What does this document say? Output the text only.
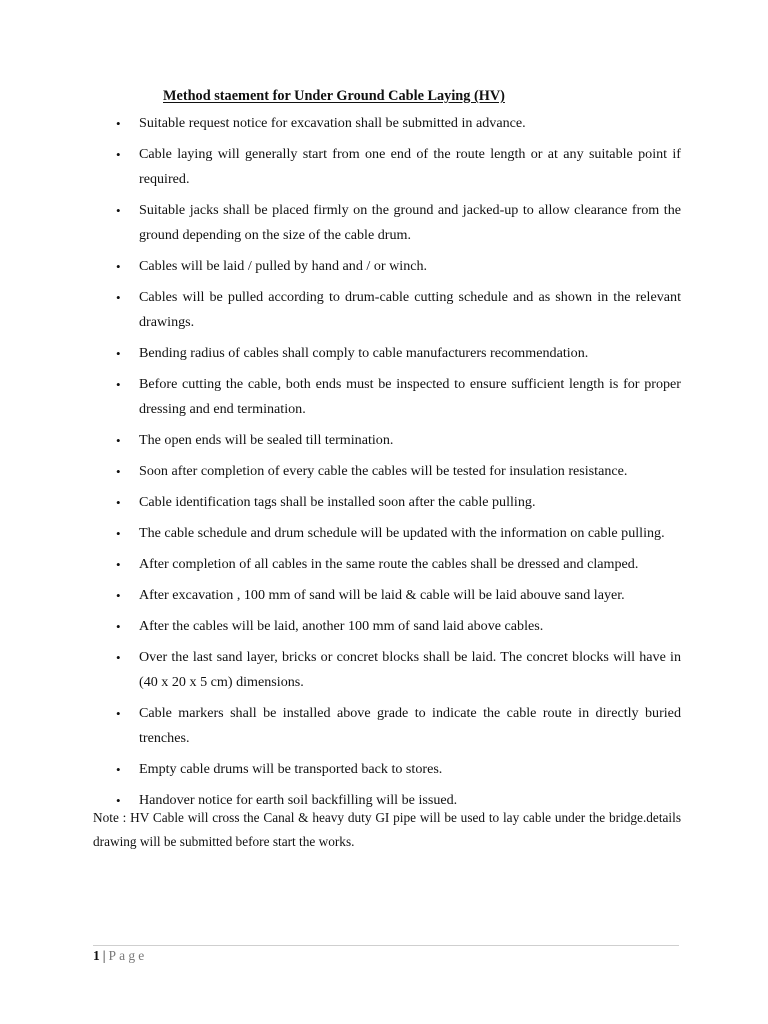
Method staement for Under Ground Cable Laying (HV)
• Suitable request notice for excavation shall be submitted in advance.
• Cable laying will generally start from one end of the route length or at any suitable point if required.
• Suitable jacks shall be placed firmly on the ground and jacked-up to allow clearance from the ground depending on the size of the cable drum.
• Cables will be laid / pulled by hand and / or winch.
• Cables will be pulled according to drum-cable cutting schedule and as shown in the relevant drawings.
• Bending radius of cables shall comply to cable manufacturers recommendation.
• Before cutting the cable, both ends must be inspected to ensure sufficient length is for proper dressing and end termination.
• The open ends will be sealed till termination.
• Soon after completion of every cable the cables will be tested for insulation resistance.
• Cable identification tags shall be installed soon after the cable pulling.
• The cable schedule and drum schedule will be updated with the information on cable pulling.
• After completion of all cables in the same route the cables shall be dressed and clamped.
• After excavation , 100 mm of sand will be laid & cable will be laid abouve sand layer.
• After the cables will be laid, another 100 mm of sand laid above cables.
• Over the last sand layer, bricks or concret blocks shall be laid. The concret blocks will have in (40 x 20 x 5 cm) dimensions.
• Cable markers shall be installed above grade to indicate the cable route in directly buried trenches.
• Empty cable drums will be transported back to stores.
• Handover notice for earth soil backfilling will be issued.
Note : HV Cable will cross the Canal & heavy duty GI pipe will be used to lay cable under the bridge.details drawing will be submitted before start the works.
1 | Page
